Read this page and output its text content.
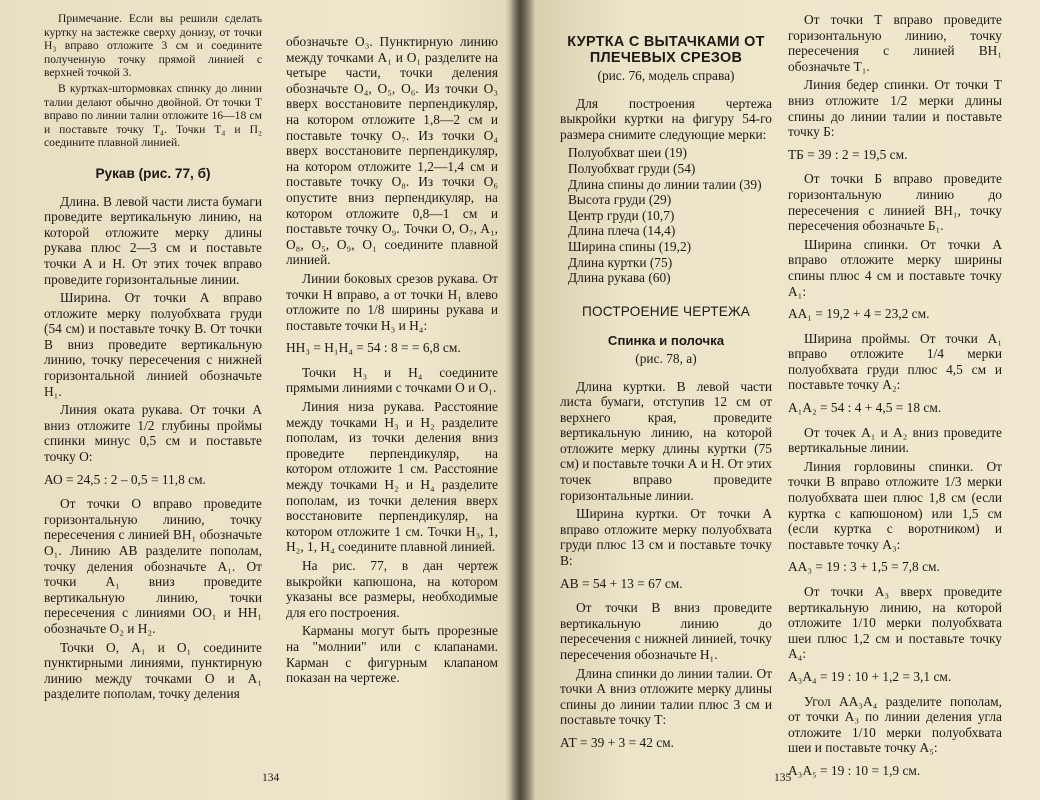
Примечание. Если вы решили сделать куртку на застежке сверху донизу, от точки H₃ вправо отложите 3 см и соедините полученную точку прямой линией с верхней точкой 3.

В куртках-штормовках спинку до линии талии делают обычно двойной. От точки Т вправо по линии талии отложите 16—18 см и поставьте точку T₄. Точки T₄ и П₂ соедините плавной линией.

Рукав (рис. 77, б)

Длина. В левой части листа бумаги проведите вертикальную линию, на которой отложите мерку длины рукава плюс 2—3 см и поставьте точки А и Н. От этих точек вправо проведите горизонтальные линии.

Ширина. От точки А вправо отложите мерку полуобхвата груди (54 см) и поставьте точку В. От точки В вниз проведите вертикальную линию, точку пересечения с нижней горизонтальной линией обозначьте H₁.

Линия оката рукава. От точки А вниз отложите 1/2 глубины проймы спинки минус 0,5 см и поставьте точку О:

АО = 24,5 : 2 – 0,5 = 11,8 см.

От точки О вправо проведите горизонтальную линию, точку пересечения с линией BH₁ обозначьте O₁. Линию АВ разделите пополам, точку деления обозначьте A₁. От точки A₁ вниз проведите вертикальную линию, точки пересечения с линиями OO₁ и HH₁ обозначьте O₂ и H₂.

Точки О, A₁ и O₁ соедините пунктирными линиями, пунктирную линию между точками О и A₁ разделите пополам, точку деления

обозначьте O₃. Пунктирную линию между точками A₁ и O₁ разделите на четыре части, точки деления обозначьте O₄, O₅, O₆. Из точки O₃ вверх восстановите перпендикуляр, на котором отложите 1,8—2 см и поставьте точку O₇. Из точки O₄ вверх восстановите перпендикуляр, на котором отложите 1,2—1,4 см и поставьте точку O₈. Из точки O₆ опустите вниз перпендикуляр, на котором отложите 0,8—1 см и поставьте точку O₉. Точки О, O₇, A₁, O₈, O₅, O₉, O₁ соедините плавной линией.

Линии боковых срезов рукава. От точки Н вправо, а от точки H₁ влево отложите по 1/8 ширины рукава и поставьте точки H₃ и H₄:

HH₃ = H₁H₄ = 54 : 8 = = 6,8 см.

Точки H₃ и H₄ соедините прямыми линиями с точками О и O₁.

Линия низа рукава. Расстояние между точками H₃ и H₂ разделите пополам, из точки деления вниз проведите перпендикуляр, на котором отложите 1 см. Расстояние между точками H₂ и H₄ разделите пополам, из точки деления вверх восстановите перпендикуляр, на котором отложите 1 см. Точки H₃, 1, H₂, 1, H₄ соедините плавной линией.

На рис. 77, в дан чертеж выкройки капюшона, на котором указаны все размеры, необходимые для его построения.

Карманы могут быть прорезные на "молнии" или с клапанами. Карман с фигурным клапаном показан на чертеже.

134
КУРТКА С ВЫТАЧКАМИ ОТ ПЛЕЧЕВЫХ СРЕЗОВ
(рис. 76, модель справа)

Для построения чертежа выкройки куртки на фигуру 54-го размера снимите следующие мерки:

Полуобхват шеи (19)
Полуобхват груди (54)
Длина спины до линии талии (39)
Высота груди (29)
Центр груди (10,7)
Длина плеча (14,4)
Ширина спины (19,2)
Длина куртки (75)
Длина рукава (60)
ПОСТРОЕНИЕ ЧЕРТЕЖА
Спинка и полочка
(рис. 78, а)

Длина куртки. В левой части листа бумаги, отступив 12 см от верхнего края, проведите вертикальную линию, на которой отложите мерку длины куртки (75 см) и поставьте точки А и Н. От этих точек вправо проведите горизонтальные линии.

Ширина куртки. От точки А вправо отложите мерку полуобхвата груди плюс 13 см и поставьте точку В:

АВ = 54 + 13 = 67 см.

От точки В вниз проведите вертикальную линию до пересечения с нижней линией, точку пересечения обозначьте H₁.

Длина спинки до линии талии. От точки А вниз отложите мерку длины спины до линии талии плюс 3 см и поставьте точку Т:

АТ = 39 + 3 = 42 см.

От точки Т вправо проведите горизонтальную линию, точку пересечения с линией BH₁ обозначьте T₁.

Линия бедер спинки. От точки Т вниз отложите 1/2 мерки длины спины до линии талии и поставьте точку Б:

ТБ = 39 : 2 = 19,5 см.

От точки Б вправо проведите горизонтальную линию до пересечения с линией BH₁, точку пересечения обозначьте Б₁.

Ширина спинки. От точки А вправо отложите мерку ширины спины плюс 4 см и поставьте точку A₁:

АA₁ = 19,2 + 4 = 23,2 см.

Ширина проймы. От точки A₁ вправо отложите 1/4 мерки полуобхвата груди плюс 4,5 см и поставьте точку A₂:

A₁A₂ = 54 : 4 + 4,5 = 18 см.

От точек A₁ и A₂ вниз проведите вертикальные линии.

Линия горловины спинки. От точки В вправо отложите 1/3 мерки полуобхвата шеи плюс 1,8 см (если куртка с капюшоном) или 1,5 см (если куртка с воротником) и поставьте точку A₃:

АA₃ = 19 : 3 + 1,5 = 7,8 см.

От точки A₃ вверх проведите вертикальную линию, на которой отложите 1/10 мерки полуобхвата шеи плюс 1,2 см и поставьте точку A₄:

A₃A₄ = 19 : 10 + 1,2 = 3,1 см.

Угол АA₃A₄ разделите пополам, от точки A₃ по линии деления угла отложите 1/10 мерки полуобхвата шеи и поставьте точку A₅:

A₃A₅ = 19 : 10 = 1,9 см.

135
